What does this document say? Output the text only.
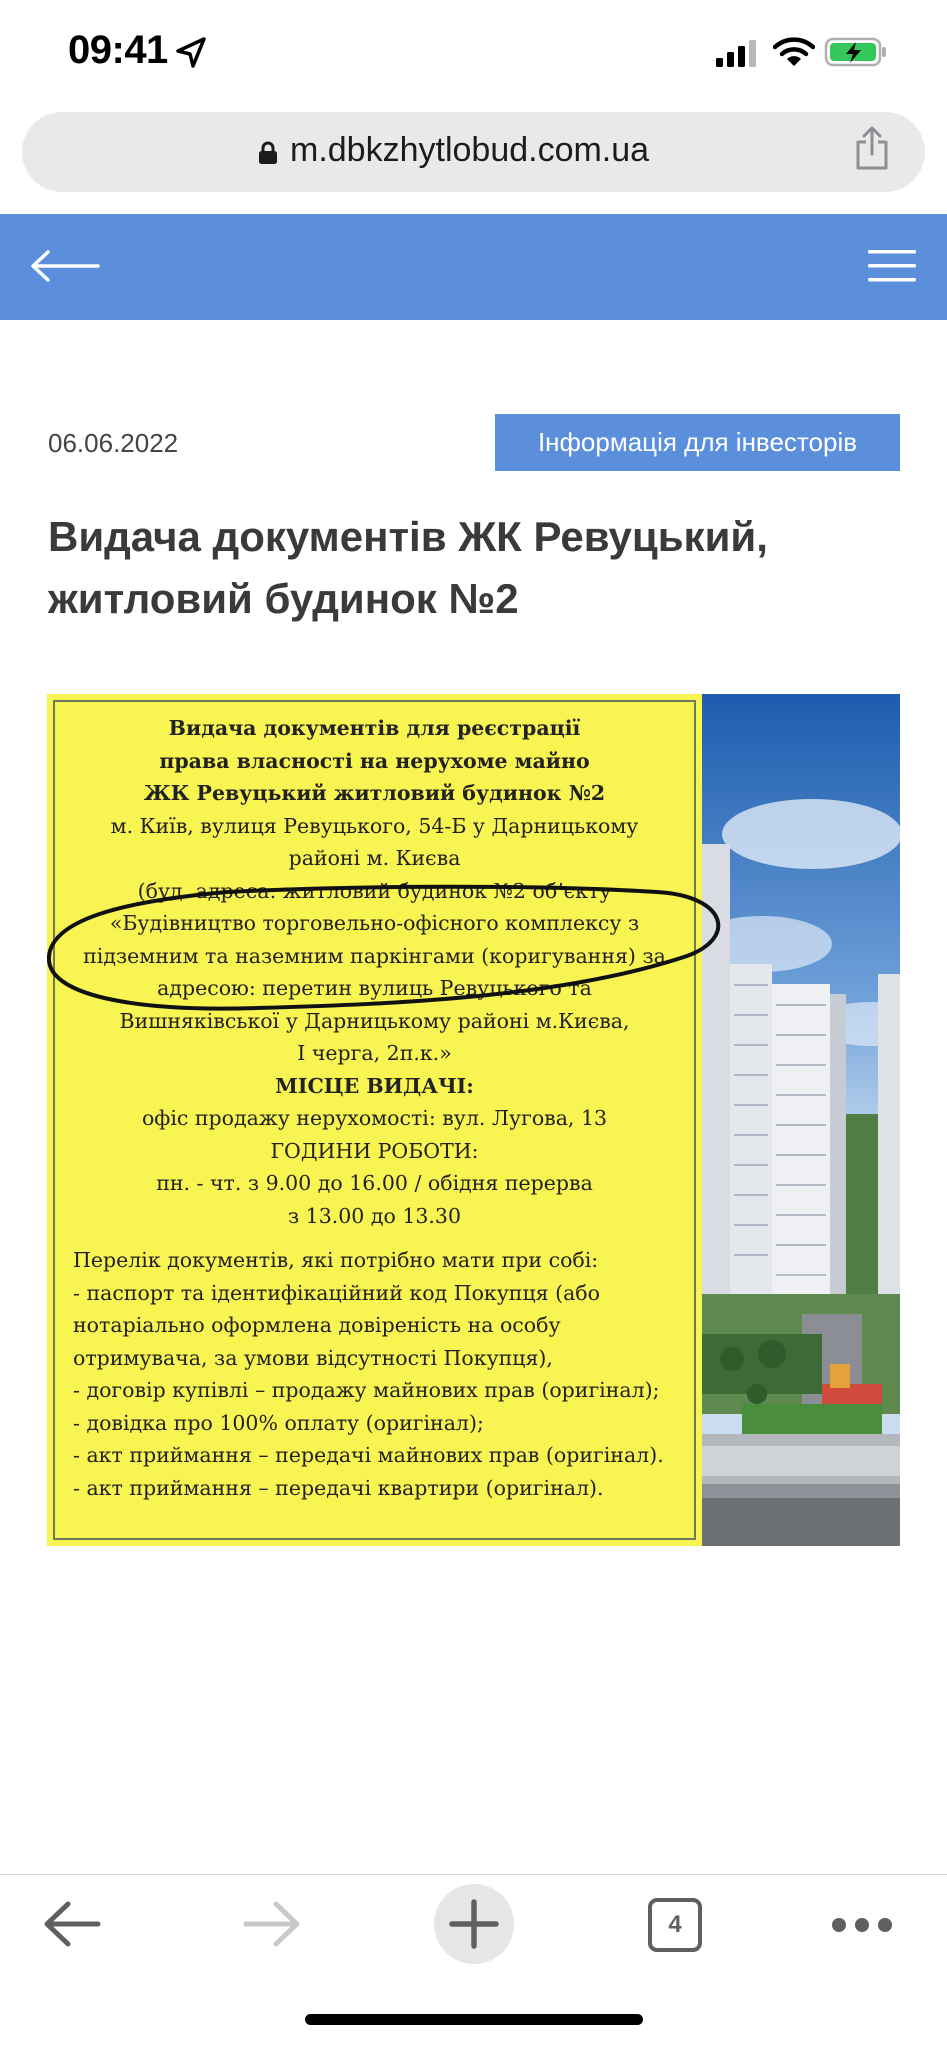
09:41
m.dbkzhytlobud.com.ua
06.06.2022	Інформація для інвесторів
Видача документів ЖК Ревуцький, житловий будинок №2
Видача документів для реєстрації
права власності на нерухоме майно
ЖК Ревуцький житловий будинок №2
м. Київ, вулиця Ревуцького, 54-Б у Дарницькому
районі м. Києва
(буд. адреса: житловий будинок №2 об’єкту
«Будівництво торговельно-офісного комплексу з
підземним та наземним паркінгами (коригування) за
адресою: перетин вулиць Ревуцького та
Вишняківської у Дарницькому районі м.Києва,
І черга, 2п.к.»
МІСЦЕ ВИДАЧІ:
офіс продажу нерухомості: вул. Лугова, 13
ГОДИНИ РОБОТИ:
пн. - чт. з 9.00 до 16.00 / обідня перерва
з 13.00 до 13.30
Перелік документів, які потрібно мати при собі:
- паспорт та ідентифікаційний код Покупця (або
нотаріально оформлена довіреність на особу
отримувача, за умови відсутності Покупця),
- договір купівлі – продажу майнових прав (оригінал);
- довідка про 100% оплату (оригінал);
- акт приймання – передачі майнових прав (оригінал).
- акт приймання – передачі квартири (оригінал).
4
